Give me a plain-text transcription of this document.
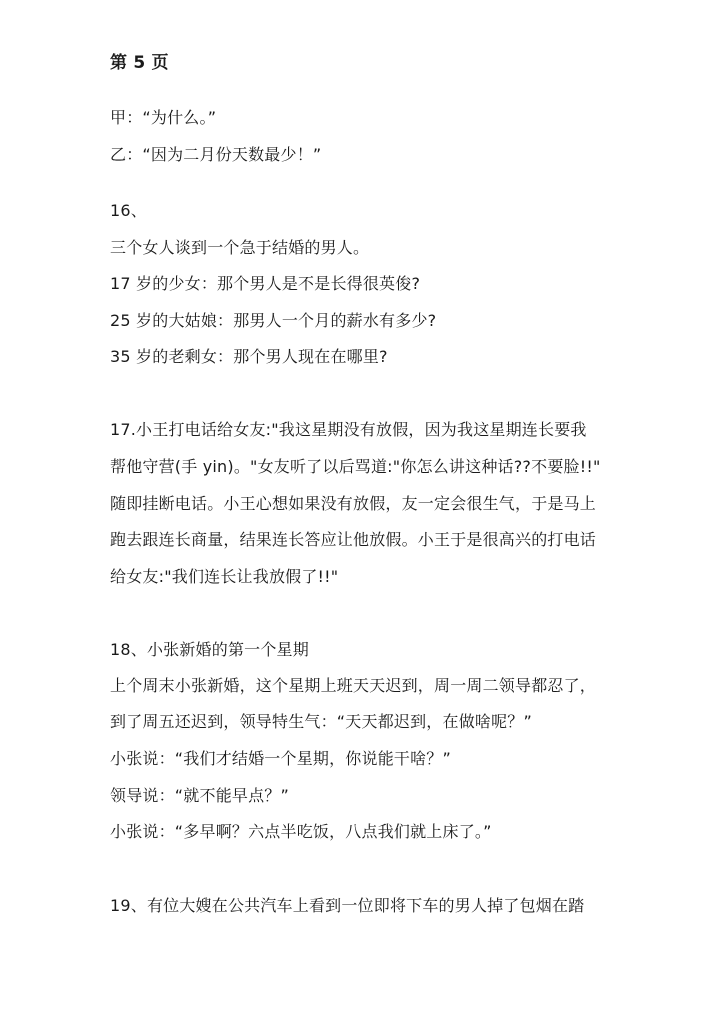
第 5 页
甲：“为什么。”
乙：“因为二月份天数最少！”
16、
三个女人谈到一个急于结婚的男人。
17 岁的少女：那个男人是不是长得很英俊?
25 岁的大姑娘：那男人一个月的薪水有多少?
35 岁的老剩女：那个男人现在在哪里?
17.小王打电话给女友:"我这星期没有放假，因为我这星期连长要我
帮他守营(手 yin)。"女友听了以后骂道:"你怎么讲这种话??不要脸!!"
随即挂断电话。小王心想如果没有放假，友一定会很生气，于是马上
跑去跟连长商量，结果连长答应让他放假。小王于是很高兴的打电话
给女友:"我们连长让我放假了!!"
18、小张新婚的第一个星期
上个周末小张新婚，这个星期上班天天迟到，周一周二领导都忍了，
到了周五还迟到，领导特生气：“天天都迟到，在做啥呢？”
小张说：“我们才结婚一个星期，你说能干啥？”
领导说：“就不能早点？”
小张说：“多早啊？六点半吃饭，八点我们就上床了。”
19、有位大嫂在公共汽车上看到一位即将下车的男人掉了包烟在踏
